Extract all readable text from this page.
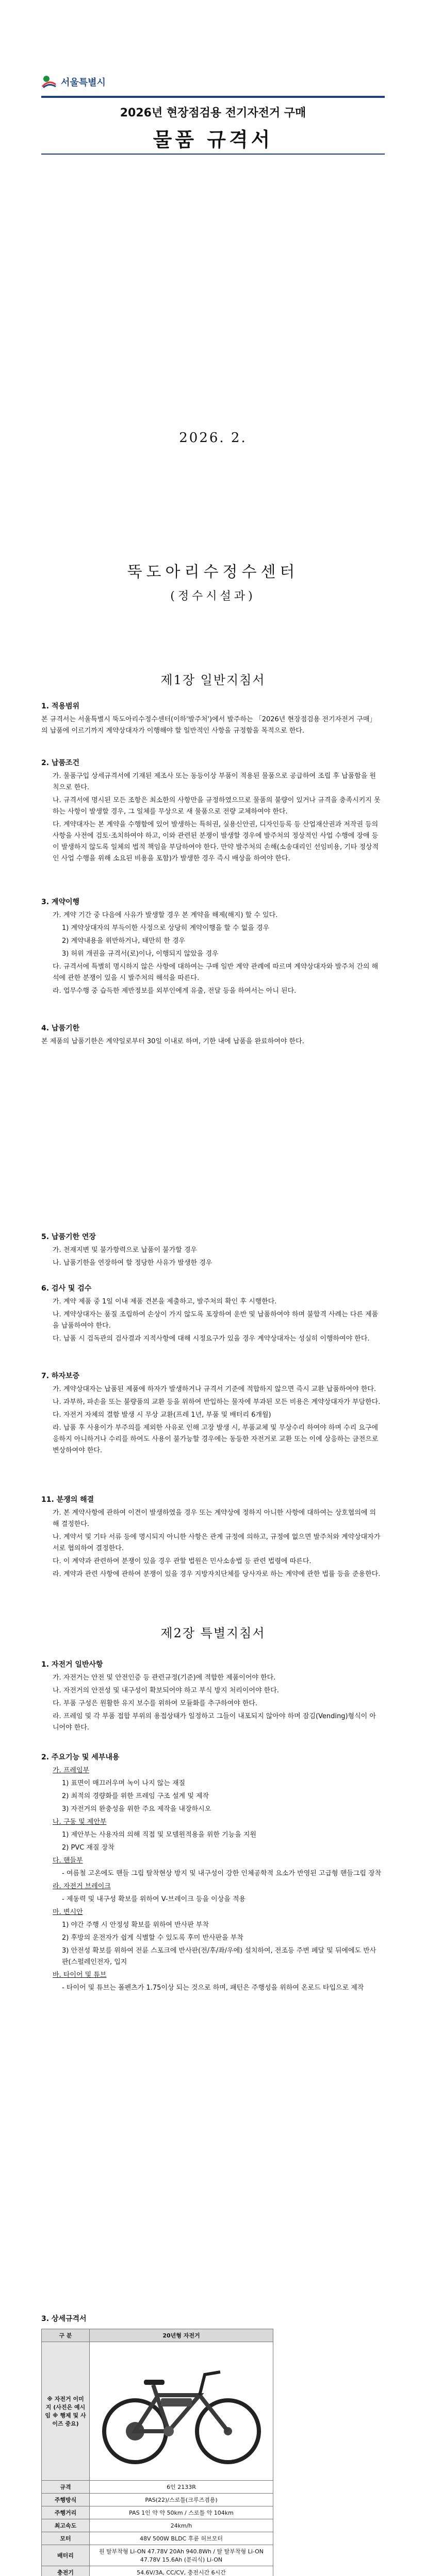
서울특별시
2026년 현장점검용 전기자전거 구매
물품 규격서
2026. 2.
뚝도아리수정수센터
(정수시설과)
제1장 일반지침서
1. 적용범위

본 규격서는 서울특별시 뚝도아리수정수센터(이하'발주처')에서 발주하는 「2026년 현장점검용 전기자전거 구매」의 납품에 이르기까지 계약상대자가 이행해야 할 일반적인 사항을 규정함을 목적으로 한다.

2. 납품조건

가. 물품구입 상세규격서에 기재된 제조사 또는 동등이상 부품이 적용된 물품으로 공급하여 조립 후 납품함을 원칙으로 한다.

나. 규격서에 명시된 모든 조항은 최소한의 사항만을 규정하였으므로 물품의 불량이 있거나 규격을 충족시키지 못하는 사항이 발생할 경우, 그 일체를 무상으로 새 물품으로 전량 교체하여야 한다.

다. 계약대자는 본 계약을 수행함에 있어 발생하는 특허권, 실용신안권, 디자인등록 등 산업재산권과 저작권 등의 사항을 사전에 검토·조치하여야 하고, 이와 관련된 분쟁이 발생할 경우에 발주처의 정상적인 사업 수행에 장애 등이 발생하지 않도록 일체의 법적 책임을 부담하여야 한다. 만약 발주처의 손해(소송대리인 선임비용, 기타 정상적인 사업 수행을 위해 소요된 비용을 포함)가 발생한 경우 즉시 배상을 하여야 한다.

3. 계약이행

가. 계약 기간 중 다음에 사유가 발생할 경우 본 계약을 해제(해지) 할 수 있다.

1) 계약상대자의 부득이한 사정으로 상당히 계약이행을 할 수 없을 경우

2) 계약내용을 위반하거나, 태만히 한 경우

3) 허위 개권을 규격서(로)이나, 이행되지 않았을 경우

다. 규격서에 특별히 명시하지 않은 사항에 대하여는 구매 일반 계약 관례에 따르며 계약상대자와 발주처 간의 해석에 관한 분쟁이 있을 시 발주처의 해석을 따른다.

라. 업무수행 중 습득한 제반정보를 외부인에게 유출, 전달 등을 하여서는 아니 된다.

4. 납품기한

본 제품의 납품기한은 계약일로부터 30일 이내로 하며, 기한 내에 납품을 완료하여야 한다.

5. 납품기한 연장

가. 천재지변 및 불가항력으로 납품이 불가할 경우

나. 납품기한을 연장하여 할 정당한 사유가 발생한 경우

6. 검사 및 검수

가. 계약 제품 중 1일 이내 제품 견본을 제출하고, 발주처의 확인 후 시행한다.

나. 계약상대자는 품질 조립하여 손상이 가지 않도록 포장하여 운반 및 납품하여야 하며 불합격 사례는 다른 제품을 납품하여야 한다.

다. 납품 시 검독관의 검사결과 지적사항에 대해 시정요구가 있을 경우 계약상대자는 성실히 이행하여야 한다.

7. 하자보증

가. 계약상대자는 납품된 제품에 하자가 발생하거나 규격서 기준에 적합하지 않으면 즉시 교환 납품하여야 한다.

나. 과부하, 파손을 또는 불량품의 교환 등을 위하여 반입하는 물자에 부과된 모든 비용은 계약상대자가 부담한다.

다. 자전거 자체의 결함 발생 시 무상 교환(프레 1년, 부품 및 배터리 6개월)

라. 납품 후 사용이가 부주의를 제외한 사유로 인해 고장 발생 시, 부품교체 및 무상수리 하여야 하며 수리 요구에 응하지 아니하거나 수리를 하여도 사용이 불가능할 경우에는 동등한 자전거로 교환 또는 이에 상응하는 금전으로 변상하여야 한다.

11. 분쟁의 해결

가. 본 계약사항에 관하여 이견이 발생하였을 경우 또는 계약상에 정하지 아니한 사항에 대하여는 상호협의에 의해 결정한다.

나. 계약서 및 기타 서류 등에 명시되지 아니한 사항은 관계 규정에 의하고, 규정에 없으면 발주처와 계약상대자가 서로 협의하여 결정한다.

다. 이 계약과 관련하여 분쟁이 있을 경우 관할 법원은 민사소송법 등 관련 법령에 따른다.

라. 계약과 관련 사항에 관하여 분쟁이 있을 경우 지방자치단체를 당사자로 하는 계약에 관한 법률 등을 준용한다.

제2장 특별지침서
1. 자전거 일반사항

가. 자전거는 안전 및 안전인증 등 관련규정(기준)에 적합한 제품이어야 한다.

나. 자전거의 안전성 및 내구성이 확보되어야 하고 부식 방지 처리이어야 한다.

다. 부품 구성은 원활한 유지 보수를 위하여 모듈화를 추구하여야 한다.

라. 프레임 및 각 부품 접합 부위의 용접상태가 일정하고 그들이 내포되지 않아야 하며 잠김(Vending)형식이 아니어야 한다.

2. 주요기능 및 세부내용

가. 프레임부

1) 표면이 매끄러우며 녹이 나지 않는 재질

2) 최적의 경량화를 위한 프레임 구조 설계 및 제작

3) 자전거의 완충성을 위한 주요 제작을 내장하시오

나. 구동 및 제안부

1) 제안부는 사용자의 의해 직접 및 모델원적용을 위한 기능을 지원

2) PVC 재질 장착

다. 핸들부

- 여름철 고온에도 핸들 그립 탈착현상 방지 및 내구성이 강한 인체공학적 요소가 반영된 고급형 핸들그립 장착

라. 자전거 브레이크

- 제동력 및 내구성 확보를 위하여 V-브레이크 등을 이상을 적용

마. 변시안

1) 야간 주행 시 안정성 확보를 위하여 반사판 부착

2) 후방의 운전자가 쉽게 식별할 수 있도록 후미 반사판을 부착

3) 안전성 확보를 위하여 전륜 스포크에 반사판(전/후/좌/우에) 설치하여, 전조등 주변 페달 및 뒤에에도 반사판(스펄레인전자, 입지

바. 타이어 및 튜브

- 타이어 및 튜브는 폴펜츠가 1.75이상 되는 것으로 하며, 패턴은 주행성을 위하여 온로드 타입으로 제작

3. 상세규격서
구 분	20년형 자전거
※ 자전거 이미지 (사진은 예시임 ※ 행제 및 사이즈 중요)	
규격	6인 2133R
주행방식	PAS(22)/스로틀(크루즈겸용)
주행거리	PAS 1인 약 약 50km / 스로틀 약 104km
최고속도	24km/h
모터	48V 500W BLDC 후륜 허브모터
배터리	원 탈부착형 Li-ON 47.78V 20Ah 940.8Wh / 탈 탈부착형 Li-ON 47.78V 15.6Ah (분리식) Li-ON
충전기	54.6V/3A, CC/CV, 충전시간 6시간
